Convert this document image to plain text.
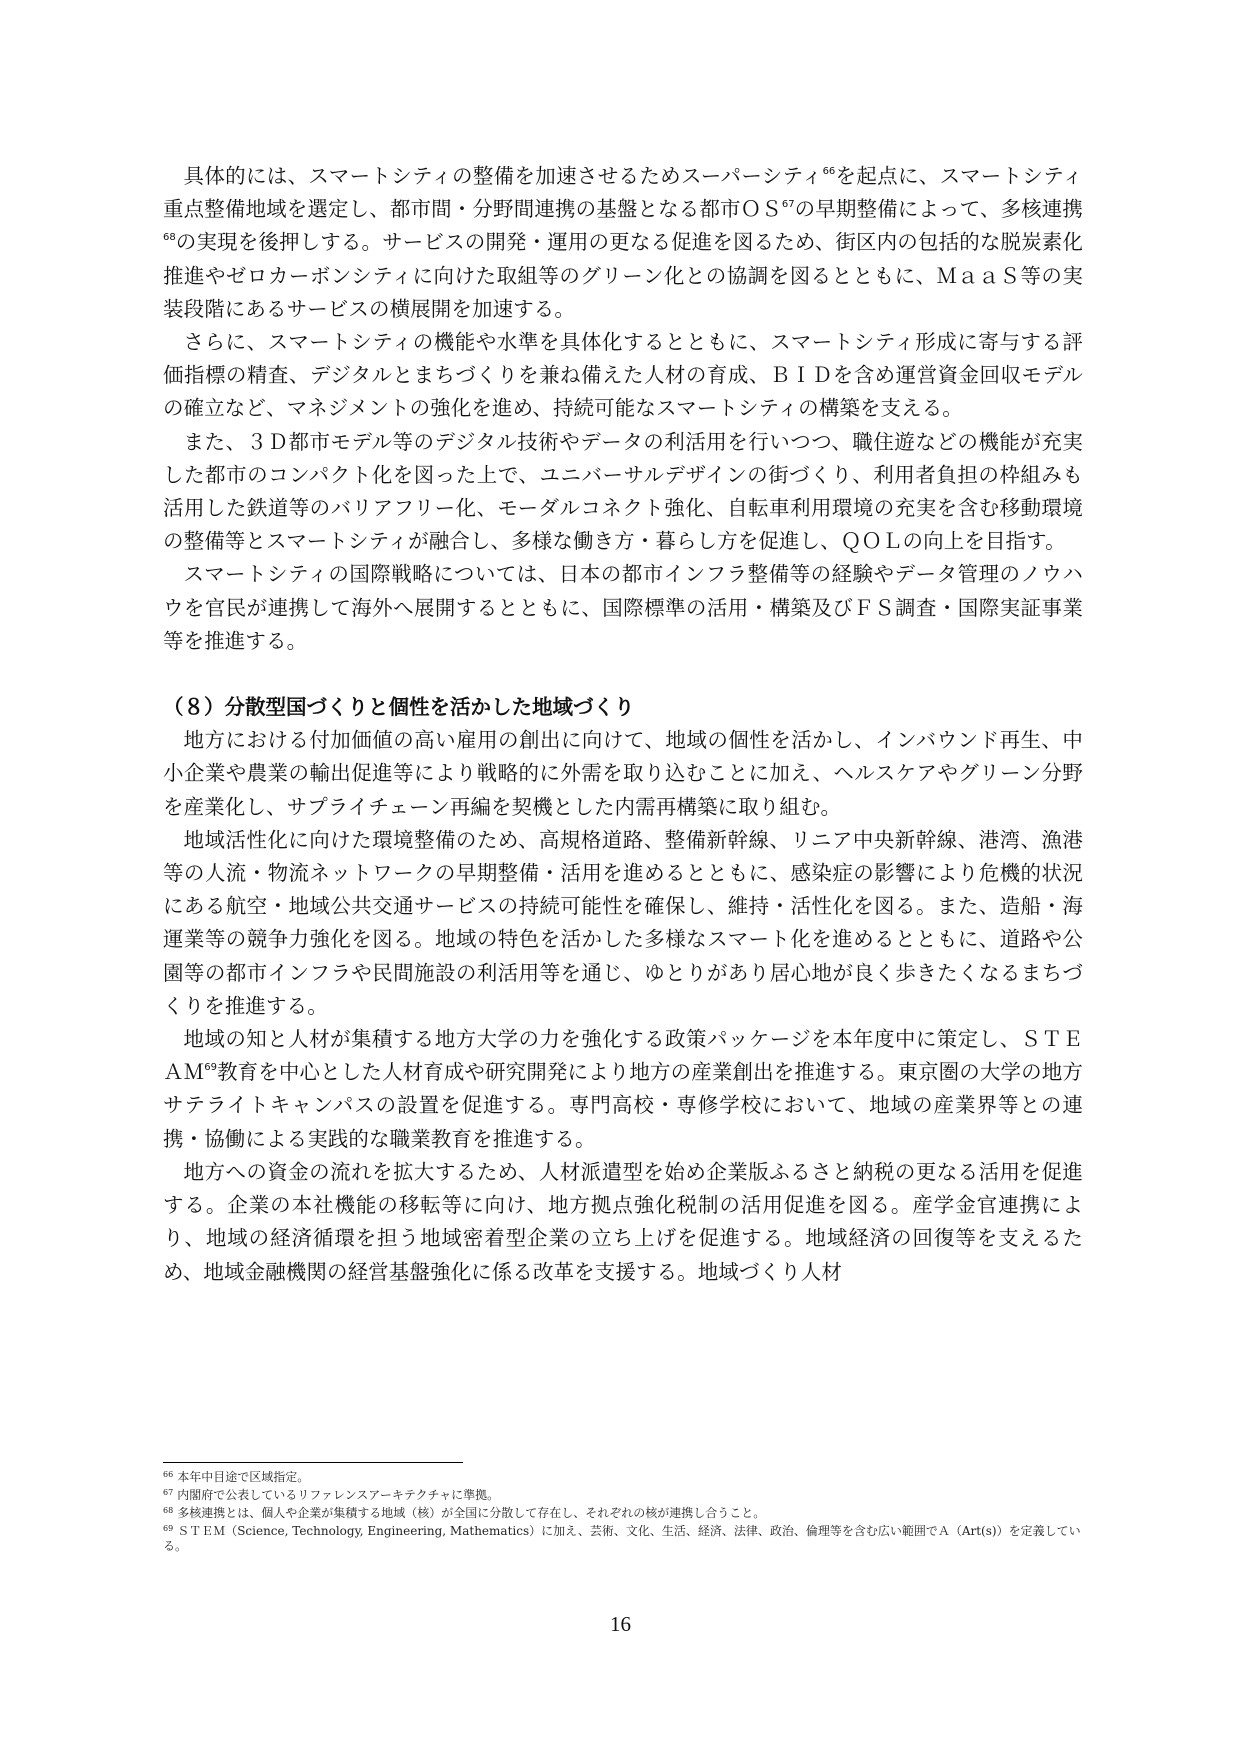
具体的には、スマートシティの整備を加速させるためスーパーシティ$^{66}$を起点に、スマートシティ重点整備地域を選定し、都市間・分野間連携の基盤となる都市ＯＳ$^{67}$の早期整備によって、多核連携$^{68}$の実現を後押しする。サービスの開発・運用の更なる促進を図るため、街区内の包括的な脱炭素化推進やゼロカーボンシティに向けた取組等のグリーン化との協調を図るとともに、ＭａａＳ等の実装段階にあるサービスの横展開を加速する。

さらに、スマートシティの機能や水準を具体化するとともに、スマートシティ形成に寄与する評価指標の精査、デジタルとまちづくりを兼ね備えた人材の育成、ＢＩＤを含め運営資金回収モデルの確立など、マネジメントの強化を進め、持続可能なスマートシティの構築を支える。

また、３Ｄ都市モデル等のデジタル技術やデータの利活用を行いつつ、職住遊などの機能が充実した都市のコンパクト化を図った上で、ユニバーサルデザインの街づくり、利用者負担の枠組みも活用した鉄道等のバリアフリー化、モーダルコネクト強化、自転車利用環境の充実を含む移動環境の整備等とスマートシティが融合し、多様な働き方・暮らし方を促進し、ＱＯＬの向上を目指す。

スマートシティの国際戦略については、日本の都市インフラ整備等の経験やデータ管理のノウハウを官民が連携して海外へ展開するとともに、国際標準の活用・構築及びＦＳ調査・国際実証事業等を推進する。

（８）分散型国づくりと個性を活かした地域づくり

地方における付加価値の高い雇用の創出に向けて、地域の個性を活かし、インバウンド再生、中小企業や農業の輸出促進等により戦略的に外需を取り込むことに加え、ヘルスケアやグリーン分野を産業化し、サプライチェーン再編を契機とした内需再構築に取り組む。

地域活性化に向けた環境整備のため、高規格道路、整備新幹線、リニア中央新幹線、港湾、漁港等の人流・物流ネットワークの早期整備・活用を進めるとともに、感染症の影響により危機的状況にある航空・地域公共交通サービスの持続可能性を確保し、維持・活性化を図る。また、造船・海運業等の競争力強化を図る。地域の特色を活かした多様なスマート化を進めるとともに、道路や公園等の都市インフラや民間施設の利活用等を通じ、ゆとりがあり居心地が良く歩きたくなるまちづくりを推進する。

地域の知と人材が集積する地方大学の力を強化する政策パッケージを本年度中に策定し、ＳＴＥＡＭ$^{69}$教育を中心とした人材育成や研究開発により地方の産業創出を推進する。東京圏の大学の地方サテライトキャンパスの設置を促進する。専門高校・専修学校において、地域の産業界等との連携・協働による実践的な職業教育を推進する。

地方への資金の流れを拡大するため、人材派遣型を始め企業版ふるさと納税の更なる活用を促進する。企業の本社機能の移転等に向け、地方拠点強化税制の活用促進を図る。産学金官連携により、地域の経済循環を担う地域密着型企業の立ち上げを促進する。地域経済の回復等を支えるため、地域金融機関の経営基盤強化に係る改革を支援する。地域づくり人材

$^{66}$ 本年中目途で区域指定。

$^{67}$ 内閣府で公表しているリファレンスアーキテクチャに準拠。

$^{68}$ 多核連携とは、個人や企業が集積する地域（核）が全国に分散して存在し、それぞれの核が連携し合うこと。

$^{69}$ ＳＴＥＭ（Science, Technology, Engineering, Mathematics）に加え、芸術、文化、生活、経済、法律、政治、倫理等を含む広い範囲でＡ（Art(s)）を定義している。

16
